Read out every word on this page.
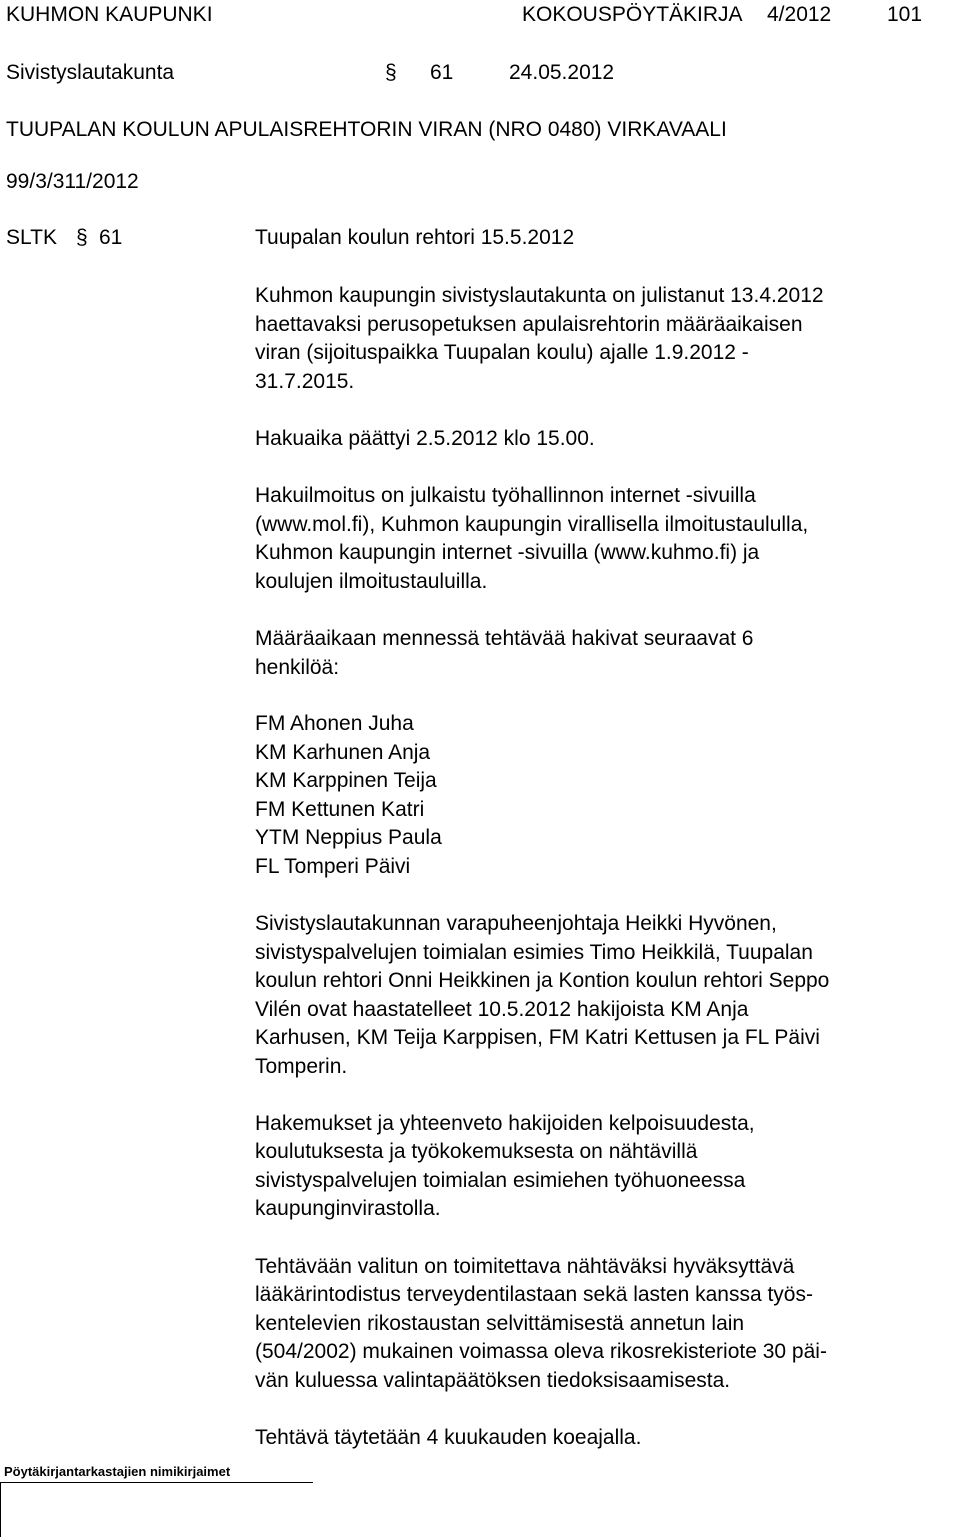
KUHMON KAUPUNKI	KOKOUSPÖYTÄKIRJA 4/2012	101
Sivistyslautakunta	§ 61	24.05.2012
TUUPALAN KOULUN APULAISREHTORIN VIRAN (NRO 0480) VIRKAVAALI
99/3/311/2012
SLTK § 61	Tuupalan koulun rehtori 15.5.2012
Kuhmon kaupungin sivistyslautakunta on julistanut 13.4.2012
haettavaksi perusopetuksen apulaisrehtorin määräaikaisen
viran (sijoituspaikka Tuupalan koulu) ajalle 1.9.2012 -
31.7.2015.
Hakuaika päättyi 2.5.2012 klo 15.00.
Hakuilmoitus on julkaistu työhallinnon internet -sivuilla
(www.mol.fi), Kuhmon kaupungin virallisella ilmoitustaululla,
Kuhmon kaupungin internet -sivuilla (www.kuhmo.fi) ja
koulujen ilmoitustauluilla.
Määräaikaan mennessä tehtävää hakivat seuraavat 6
henkilöä:
FM Ahonen Juha
KM Karhunen Anja
KM Karppinen Teija
FM Kettunen Katri
YTM Neppius Paula
FL Tomperi Päivi
Sivistyslautakunnan varapuheenjohtaja Heikki Hyvönen,
sivistyspalvelujen toimialan esimies Timo Heikkilä, Tuupalan
koulun rehtori Onni Heikkinen ja Kontion koulun rehtori Seppo
Vilén ovat haastatelleet 10.5.2012 hakijoista KM Anja
Karhusen, KM Teija Karppisen, FM Katri Kettusen ja FL Päivi
Tomperin.
Hakemukset ja yhteenveto hakijoiden kelpoisuudesta,
koulutuksesta ja työkokemuksesta on nähtävillä
sivistyspalvelujen toimialan esimiehen työhuoneessa
kaupunginvirastolla.
Tehtävään valitun on toimitettava nähtäväksi hyväksyttävä
lääkärintodistus terveydentilastaan sekä lasten kanssa työs-
kentelevien rikostaustan selvittämisestä annetun lain
(504/2002) mukainen voimassa oleva rikosrekisteriote 30 päi-
vän kuluessa valintapäätöksen tiedoksisaamisesta.
Tehtävä täytetään 4 kuukauden koeajalla.
Pöytäkirjantarkastajien nimikirjaimet
